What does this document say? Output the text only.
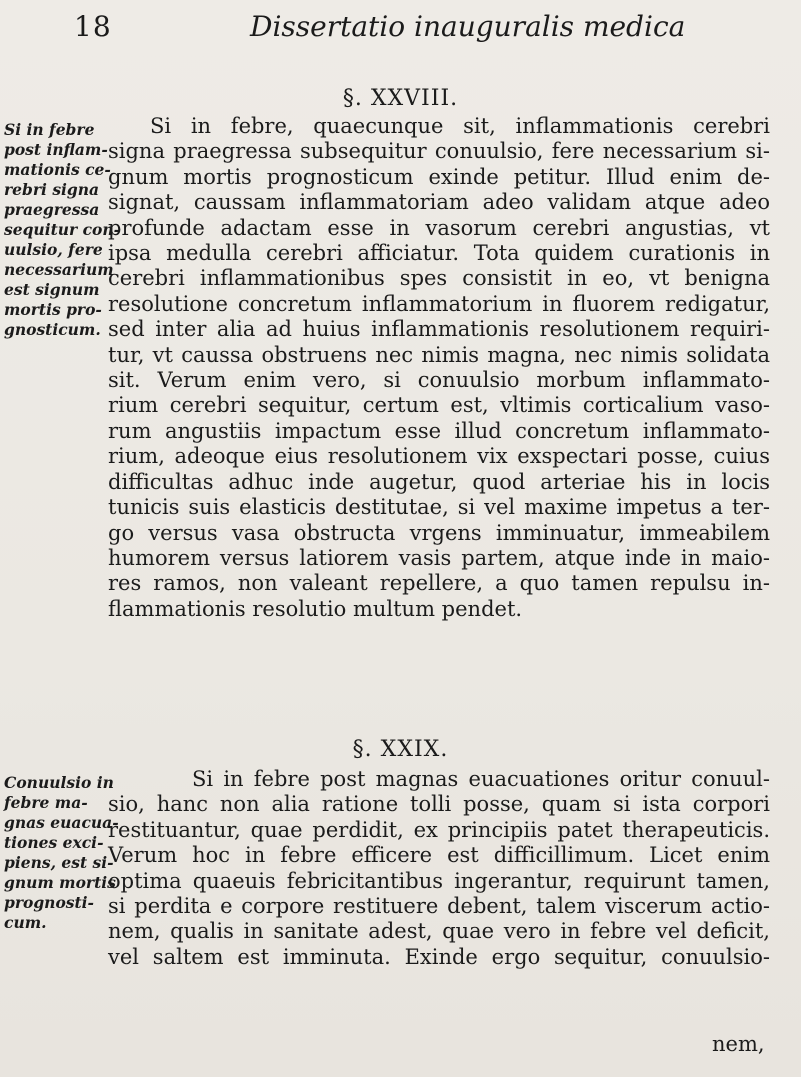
18	Dissertatio inauguralis medica
§. XXVIII.
Si in febre
post inflam-
mationis ce-
rebri signa
praegressa
sequitur con-
uulsio, fere
necessarium
est signum
mortis pro-
gnosticum.
Si in febre, quaecunque sit, inflammationis cerebri
signa praegressa subsequitur conuulsio, fere necessarium si-
gnum mortis prognosticum exinde petitur. Illud enim de-
signat, caussam inflammatoriam adeo validam atque adeo
profunde adactam esse in vasorum cerebri angustias, vt
ipsa medulla cerebri afficiatur. Tota quidem curationis in
cerebri inflammationibus spes consistit in eo, vt benigna
resolutione concretum inflammatorium in fluorem redigatur,
sed inter alia ad huius inflammationis resolutionem requiri-
tur, vt caussa obstruens nec nimis magna, nec nimis solidata
sit. Verum enim vero, si conuulsio morbum inflammato-
rium cerebri sequitur, certum est, vltimis corticalium vaso-
rum angustiis impactum esse illud concretum inflammato-
rium, adeoque eius resolutionem vix exspectari posse, cuius
difficultas adhuc inde augetur, quod arteriae his in locis
tunicis suis elasticis destitutae, si vel maxime impetus a ter-
go versus vasa obstructa vrgens imminuatur, immeabilem
humorem versus latiorem vasis partem, atque inde in maio-
res ramos, non valeant repellere, a quo tamen repulsu in-
flammationis resolutio multum pendet.
§. XXIX.
Conuulsio in
febre ma-
gnas euacua-
tiones exci-
piens, est si-
gnum mortis
prognosti-
cum.
Si in febre post magnas euacuationes oritur conuul-
sio, hanc non alia ratione tolli posse, quam si ista corpori
restituantur, quae perdidit, ex principiis patet therapeuticis.
Verum hoc in febre efficere est difficillimum. Licet enim
optima quaeuis febricitantibus ingerantur, requirunt tamen,
si perdita e corpore restituere debent, talem viscerum actio-
nem, qualis in sanitate adest, quae vero in febre vel deficit,
vel saltem est imminuta. Exinde ergo sequitur, conuulsio-
nem,
